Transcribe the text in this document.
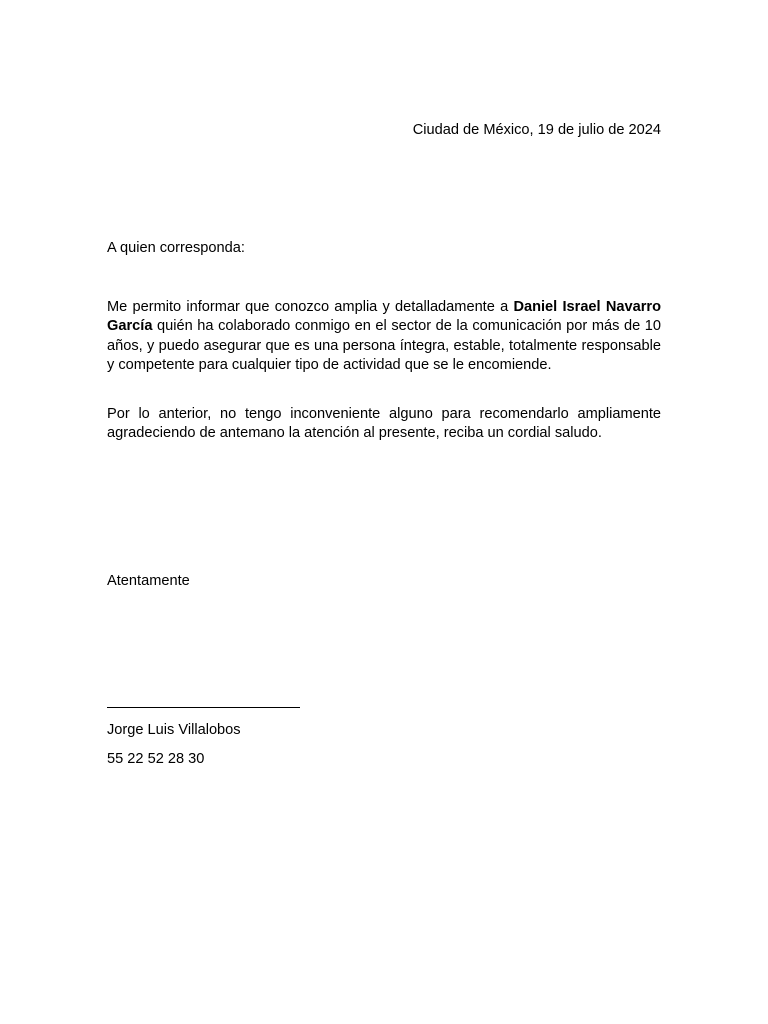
Ciudad de México, 19 de julio de 2024

A quien corresponda:

Me permito informar que conozco amplia y detalladamente a Daniel Israel Navarro García quién ha colaborado conmigo en el sector de la comunicación por más de 10 años, y puedo asegurar que es una persona íntegra, estable, totalmente responsable y competente para cualquier tipo de actividad que se le encomiende.

Por lo anterior, no tengo inconveniente alguno para recomendarlo ampliamente agradeciendo de antemano la atención al presente, reciba un cordial saludo.

Atentamente

Jorge Luis Villalobos

55 22 52 28 30
